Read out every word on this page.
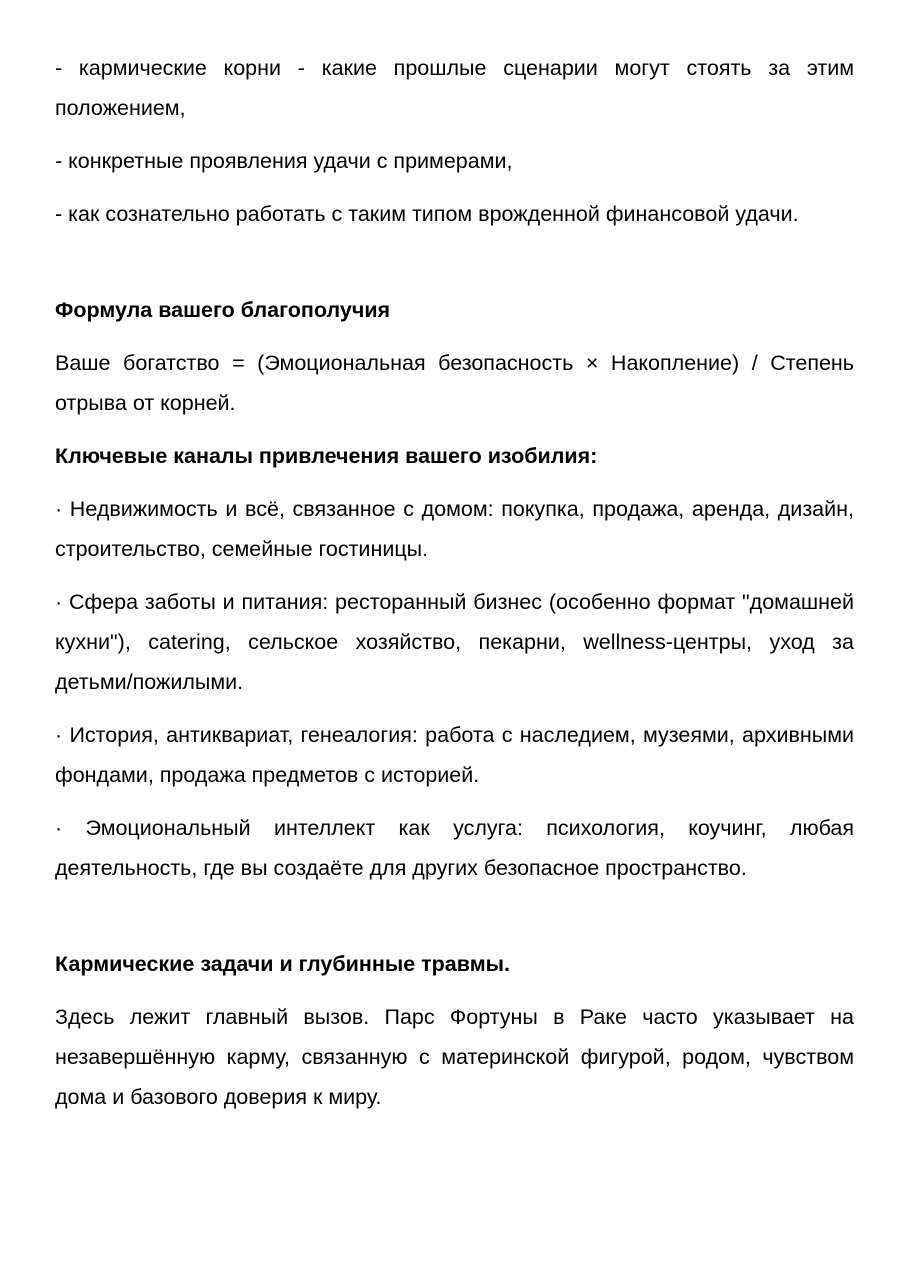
- кармические корни - какие прошлые сценарии могут стоять за этим положением,

- конкретные проявления удачи с примерами,

- как сознательно работать с таким типом врожденной финансовой удачи.

Формула вашего благополучия

Ваше богатство = (Эмоциональная безопасность × Накопление) / Степень отрыва от корней.

Ключевые каналы привлечения вашего изобилия:

· Недвижимость и всё, связанное с домом: покупка, продажа, аренда, дизайн, строительство, семейные гостиницы.

· Сфера заботы и питания: ресторанный бизнес (особенно формат "домашней кухни"), catering, сельское хозяйство, пекарни, wellness-центры, уход за детьми/пожилыми.

· История, антиквариат, генеалогия: работа с наследием, музеями, архивными фондами, продажа предметов с историей.

· Эмоциональный интеллект как услуга: психология, коучинг, любая деятельность, где вы создаёте для других безопасное пространство.

Кармические задачи и глубинные травмы.

Здесь лежит главный вызов. Парс Фортуны в Раке часто указывает на незавершённую карму, связанную с материнской фигурой, родом, чувством дома и базового доверия к миру.
